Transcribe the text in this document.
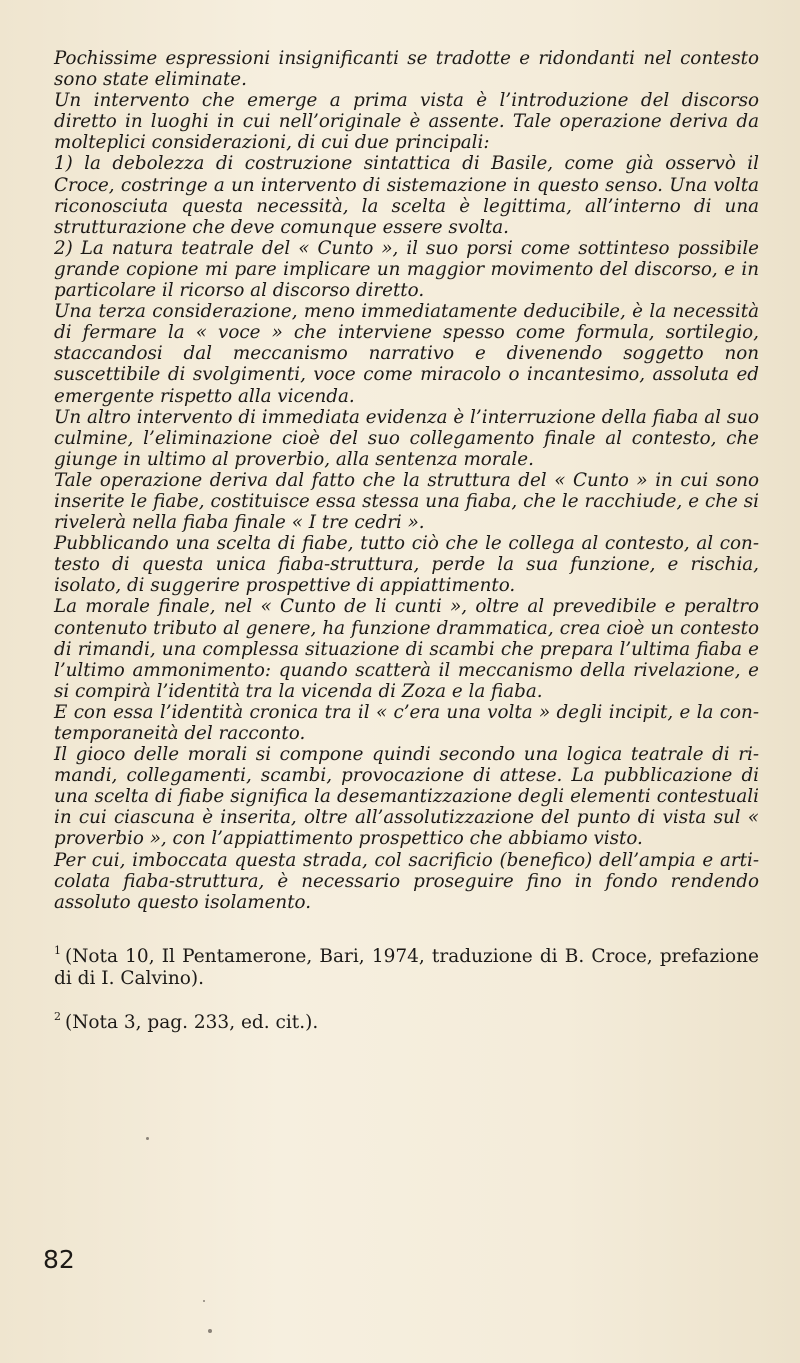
Pochissime espressioni insignificanti se tradotte e ridondanti nel contesto sono state eliminate.

Un intervento che emerge a prima vista è l’introduzione del discorso diretto in luoghi in cui nell’originale è assente. Tale operazione deriva da molteplici considerazioni, di cui due principali:

1) la debolezza di costruzione sintattica di Basile, come già osservò il Croce, costringe a un intervento di sistemazione in questo senso. Una volta riconosciuta questa necessità, la scelta è legittima, all’interno di una strutturazione che deve comunque essere svolta.

2) La natura teatrale del « Cunto », il suo porsi come sottinteso possibile grande copione mi pare implicare un maggior movimento del discorso, e in particolare il ricorso al discorso diretto.

Una terza considerazione, meno immediatamente deducibile, è la necessità di fermare la « voce » che interviene spesso come formula, sortilegio, staccandosi dal meccanismo narrativo e divenendo soggetto non suscettibile di svolgimenti, voce come miracolo o incantesimo, assoluta ed emergente rispetto alla vicenda.

Un altro intervento di immediata evidenza è l’interruzione della fiaba al suo culmine, l’eliminazione cioè del suo collegamento finale al contesto, che giunge in ultimo al proverbio, alla sentenza morale.

Tale operazione deriva dal fatto che la struttura del « Cunto » in cui sono inserite le fiabe, costituisce essa stessa una fiaba, che le racchiude, e che si rivelerà nella fiaba finale « I tre cedri ».

Pubblicando una scelta di fiabe, tutto ciò che le collega al contesto, al contesto di questa unica fiaba-struttura, perde la sua funzione, e rischia, isolato, di suggerire prospettive di appiattimento.

La morale finale, nel « Cunto de li cunti », oltre al prevedibile e peraltro contenuto tributo al genere, ha funzione drammatica, crea cioè un contesto di rimandi, una complessa situazione di scambi che prepara l’ultima fiaba e l’ultimo ammonimento: quando scatterà il meccanismo della rivelazione, e si compirà l’identità tra la vicenda di Zoza e la fiaba.

E con essa l’identità cronica tra il « c’era una volta » degli incipit, e la contemporaneità del racconto.

Il gioco delle morali si compone quindi secondo una logica teatrale di rimandi, collegamenti, scambi, provocazione di attese. La pubblicazione di una scelta di fiabe significa la desemantizzazione degli elementi contestuali in cui ciascuna è inserita, oltre all’assolutizzazione del punto di vista sul « proverbio », con l’appiattimento prospettico che abbiamo visto.

Per cui, imboccata questa strada, col sacrificio (benefico) dell’ampia e articolata fiaba-struttura, è necessario proseguire fino in fondo rendendo assoluto questo isolamento.

$^1$ (Nota 10, Il Pentamerone, Bari, 1974, traduzione di B. Croce, prefazione di di I. Calvino).
$^2$ (Nota 3, pag. 233, ed. cit.).
82
